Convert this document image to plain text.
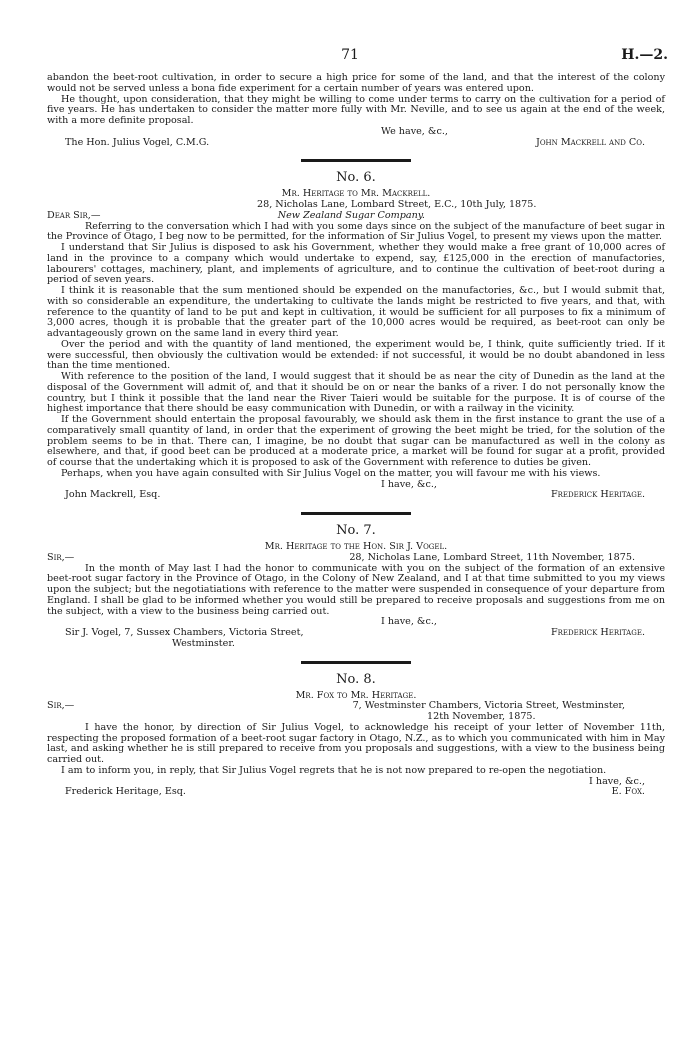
71	H.—2.

abandon the beet-root cultivation, in order to secure a high price for some of the land, and that the interest of the colony would not be served unless a bona fide experiment for a certain number of years was entered upon.

He thought, upon consideration, that they might be willing to come under terms to carry on the cultivation for a period of five years. He has undertaken to consider the matter more fully with Mr. Neville, and to see us again at the end of the week, with a more definite proposal.

We have, &c.,
The Hon. Julius Vogel, C.M.G.	John Mackrell and Co.
No. 6.
Mr. Heritage to Mr. Mackrell.
28, Nicholas Lane, Lombard Street, E.C., 10th July, 1875.
Dear Sir,—	New Zealand Sugar Company.

Referring to the conversation which I had with you some days since on the subject of the manufacture of beet sugar in the Province of Otago, I beg now to be permitted, for the information of Sir Julius Vogel, to present my views upon the matter.

I understand that Sir Julius is disposed to ask his Government, whether they would make a free grant of 10,000 acres of land in the province to a company which would undertake to expend, say, £125,000 in the erection of manufactories, labourers' cottages, machinery, plant, and implements of agriculture, and to continue the cultivation of beet-root during a period of seven years.

I think it is reasonable that the sum mentioned should be expended on the manufactories, &c., but I would submit that, with so considerable an expenditure, the undertaking to cultivate the lands might be restricted to five years, and that, with reference to the quantity of land to be put and kept in cultivation, it would be sufficient for all purposes to fix a minimum of 3,000 acres, though it is probable that the greater part of the 10,000 acres would be required, as beet-root can only be advantageously grown on the same land in every third year.

Over the period and with the quantity of land mentioned, the experiment would be, I think, quite sufficiently tried. If it were successful, then obviously the cultivation would be extended: if not successful, it would be no doubt abandoned in less than the time mentioned.

With reference to the position of the land, I would suggest that it should be as near the city of Dunedin as the land at the disposal of the Government will admit of, and that it should be on or near the banks of a river. I do not personally know the country, but I think it possible that the land near the River Taieri would be suitable for the purpose. It is of course of the highest importance that there should be easy communication with Dunedin, or with a railway in the vicinity.

If the Government should entertain the proposal favourably, we should ask them in the first instance to grant the use of a comparatively small quantity of land, in order that the experiment of growing the beet might be tried, for the solution of the problem seems to be in that. There can, I imagine, be no doubt that sugar can be manufactured as well in the colony as elsewhere, and that, if good beet can be produced at a moderate price, a market will be found for sugar at a profit, provided of course that the undertaking which it is proposed to ask of the Government with reference to duties be given.

Perhaps, when you have again consulted with Sir Julius Vogel on the matter, you will favour me with his views.

I have, &c.,
John Mackrell, Esq.	Frederick Heritage.
No. 7.
Mr. Heritage to the Hon. Sir J. Vogel.
Sir,—	28, Nicholas Lane, Lombard Street, 11th November, 1875.

In the month of May last I had the honor to communicate with you on the subject of the formation of an extensive beet-root sugar factory in the Province of Otago, in the Colony of New Zealand, and I at that time submitted to you my views upon the subject; but the negotiatiations with reference to the matter were suspended in consequence of your departure from England. I shall be glad to be informed whether you would still be prepared to receive proposals and suggestions from me on the subject, with a view to the business being carried out.

I have, &c.,
Sir J. Vogel, 7, Sussex Chambers, Victoria Street,	Frederick Heritage.
Westminster.
No. 8.
Mr. Fox to Mr. Heritage.
Sir,—	7, Westminster Chambers, Victoria Street, Westminster,
12th November, 1875.

I have the honor, by direction of Sir Julius Vogel, to acknowledge his receipt of your letter of November 11th, respecting the proposed formation of a beet-root sugar factory in Otago, N.Z., as to which you communicated with him in May last, and asking whether he is still prepared to receive from you proposals and suggestions, with a view to the business being carried out.

I am to inform you, in reply, that Sir Julius Vogel regrets that he is not now prepared to re-open the negotiation.

I have, &c.,
Frederick Heritage, Esq.	E. Fox.
